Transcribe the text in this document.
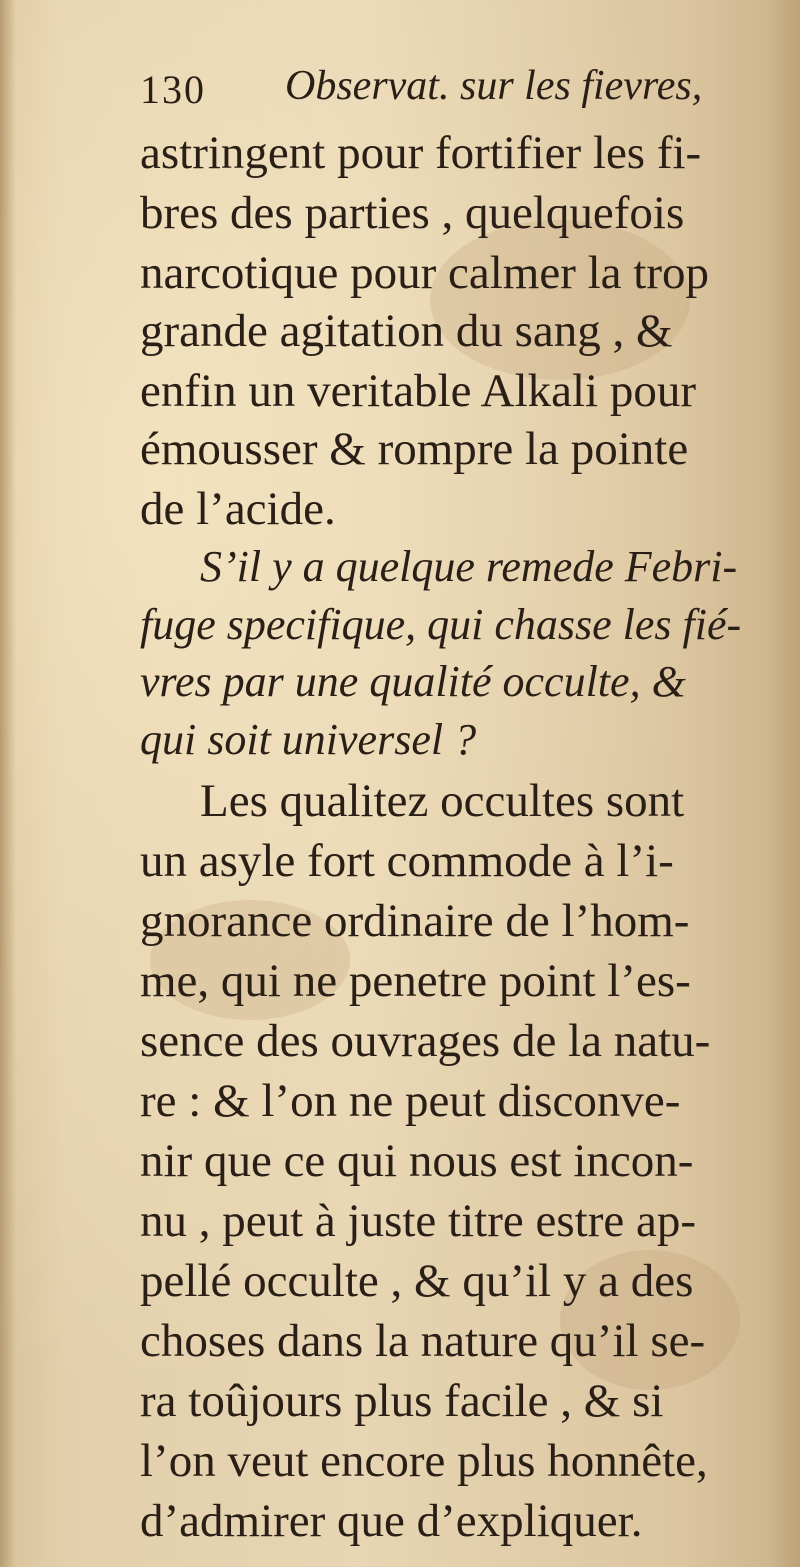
130 Observat. sur les fievres,
astringent pour fortifier les fi-
bres des parties , quelquefois
narcotique pour calmer la trop
grande agitation du sang , &
enfin un veritable Alkali pour
émousser & rompre la pointe
de l’acide.
S’il y a quelque remede Febri-
fuge specifique, qui chasse les fié-
vres par une qualité occulte, &
qui soit universel ?
Les qualitez occultes sont
un asyle fort commode à l’i-
gnorance ordinaire de l’hom-
me, qui ne penetre point l’es-
sence des ouvrages de la natu-
re : & l’on ne peut disconve-
nir que ce qui nous est incon-
nu , peut à juste titre estre ap-
pellé occulte , & qu’il y a des
choses dans la nature qu’il se-
ra toûjours plus facile , & si
l’on veut encore plus honnête,
d’admirer que d’expliquer.
